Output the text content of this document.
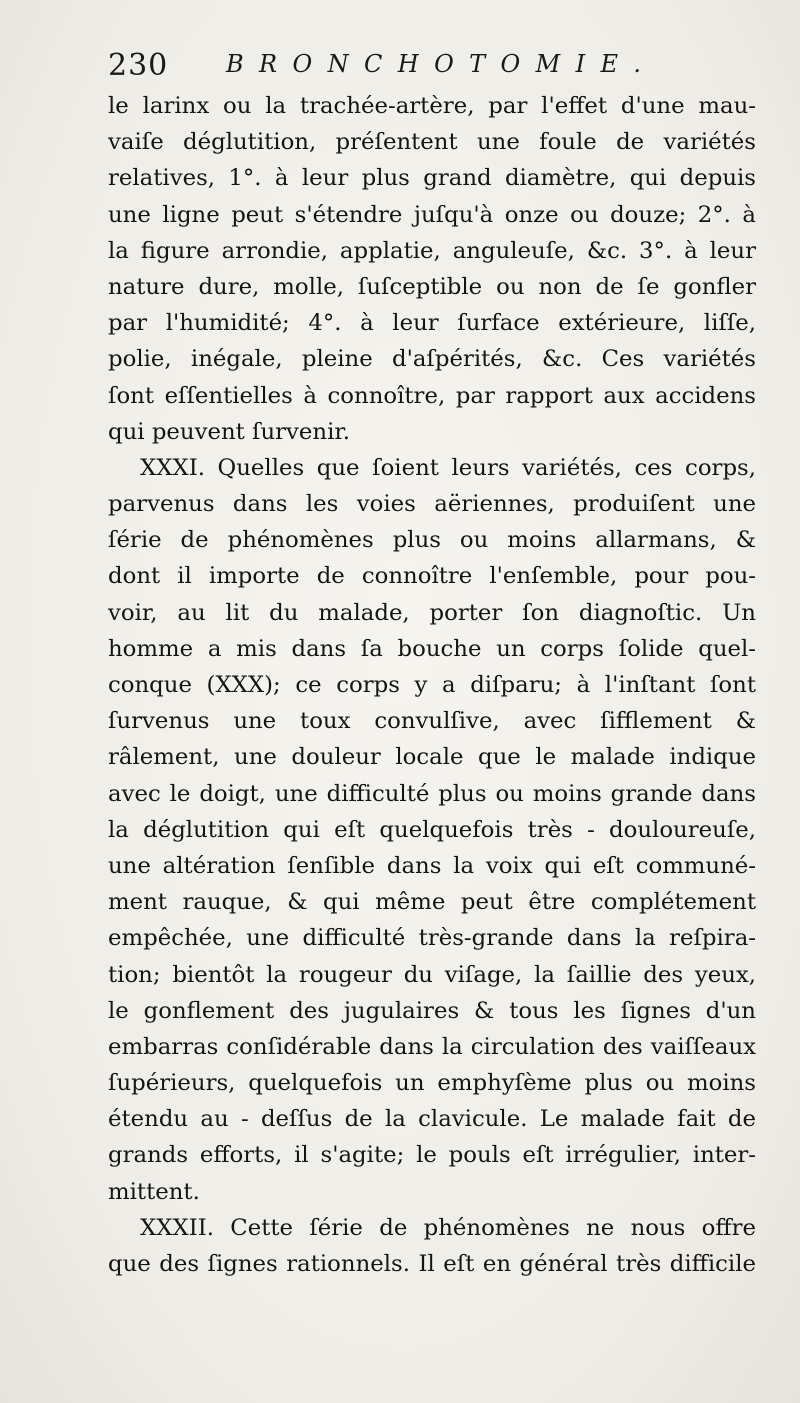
230 BRONCHOTOMIE.
le larinx ou la trachée-artère, par l'effet d'une mau-
vaiſe déglutition, préſentent une foule de variétés
relatives, 1°. à leur plus grand diamètre, qui depuis
une ligne peut s'étendre juſqu'à onze ou douze; 2°. à
la figure arrondie, applatie, anguleuſe, &c. 3°. à leur
nature dure, molle, ſuſceptible ou non de ſe gonfler
par l'humidité; 4°. à leur ſurface extérieure, liſſe,
polie, inégale, pleine d'aſpérités, &c. Ces variétés
ſont eſſentielles à connoître, par rapport aux accidens
qui peuvent ſurvenir.
XXXI. Quelles que ſoient leurs variétés, ces corps,
parvenus dans les voies aëriennes, produiſent une
ſérie de phénomènes plus ou moins allarmans, &
dont il importe de connoître l'enſemble, pour pou-
voir, au lit du malade, porter ſon diagnoſtic. Un
homme a mis dans ſa bouche un corps ſolide quel-
conque (XXX); ce corps y a diſparu; à l'inſtant ſont
ſurvenus une toux convulſive, avec ſifflement &
râlement, une douleur locale que le malade indique
avec le doigt, une difficulté plus ou moins grande dans
la déglutition qui eſt quelquefois très - douloureuſe,
une altération ſenſible dans la voix qui eſt communé-
ment rauque, & qui même peut être complétement
empêchée, une difficulté très-grande dans la reſpira-
tion; bientôt la rougeur du viſage, la ſaillie des yeux,
le gonflement des jugulaires & tous les ſignes d'un
embarras conſidérable dans la circulation des vaiſſeaux
ſupérieurs, quelquefois un emphyſème plus ou moins
étendu au - deſſus de la clavicule. Le malade fait de
grands efforts, il s'agite; le pouls eſt irrégulier, inter-
mittent.
XXXII. Cette ſérie de phénomènes ne nous offre
que des ſignes rationnels. Il eſt en général très difficile
